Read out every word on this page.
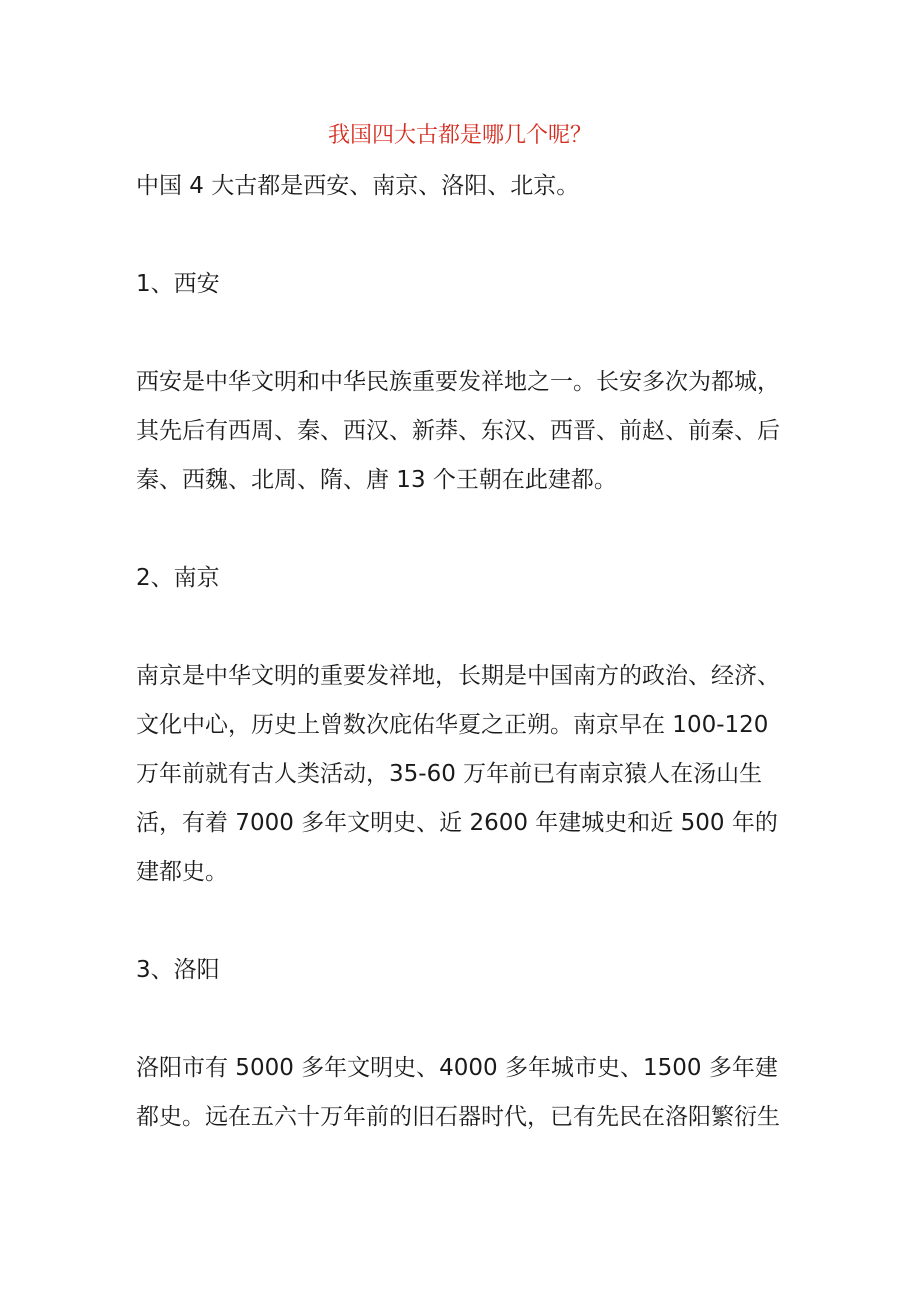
我国四大古都是哪几个呢？

中国 4 大古都是西安、南京、洛阳、北京。

1、西安

西安是中华文明和中华民族重要发祥地之一。长安多次为都城，其先后有西周、秦、西汉、新莽、东汉、西晋、前赵、前秦、后秦、西魏、北周、隋、唐 13 个王朝在此建都。

2、南京

南京是中华文明的重要发祥地，长期是中国南方的政治、经济、文化中心，历史上曾数次庇佑华夏之正朔。南京早在 100-120 万年前就有古人类活动，35-60 万年前已有南京猿人在汤山生活，有着 7000 多年文明史、近 2600 年建城史和近 500 年的建都史。

3、洛阳

洛阳市有 5000 多年文明史、4000 多年城市史、1500 多年建都史。远在五六十万年前的旧石器时代，已有先民在洛阳繁衍生
